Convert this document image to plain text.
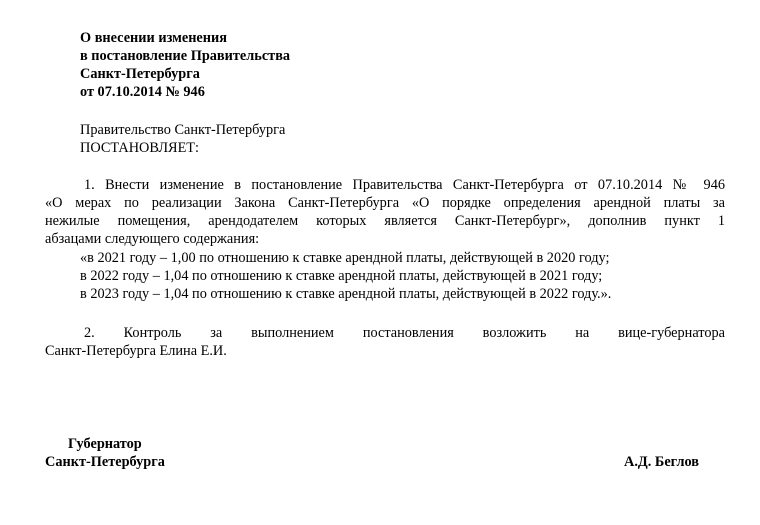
О внесении изменения
в постановление Правительства
Санкт-Петербурга
от 07.10.2014 № 946
Правительство Санкт-Петербурга
ПОСТАНОВЛЯЕТ:
1. Внести изменение в постановление Правительства Санкт-Петербурга от 07.10.2014 № 946
«О мерах по реализации Закона Санкт-Петербурга «О порядке определения арендной платы за
нежилые помещения, арендодателем которых является Санкт-Петербург», дополнив пункт 1
абзацами следующего содержания:
«в 2021 году – 1,00 по отношению к ставке арендной платы, действующей в 2020 году;
в 2022 году – 1,04 по отношению к ставке арендной платы, действующей в 2021 году;
в 2023 году – 1,04 по отношению к ставке арендной платы, действующей в 2022 году.».
2. Контроль за выполнением постановления возложить на вице-губернатора
Санкт-Петербурга Елина Е.И.
Губернатор
Санкт-Петербурга	А.Д. Беглов
